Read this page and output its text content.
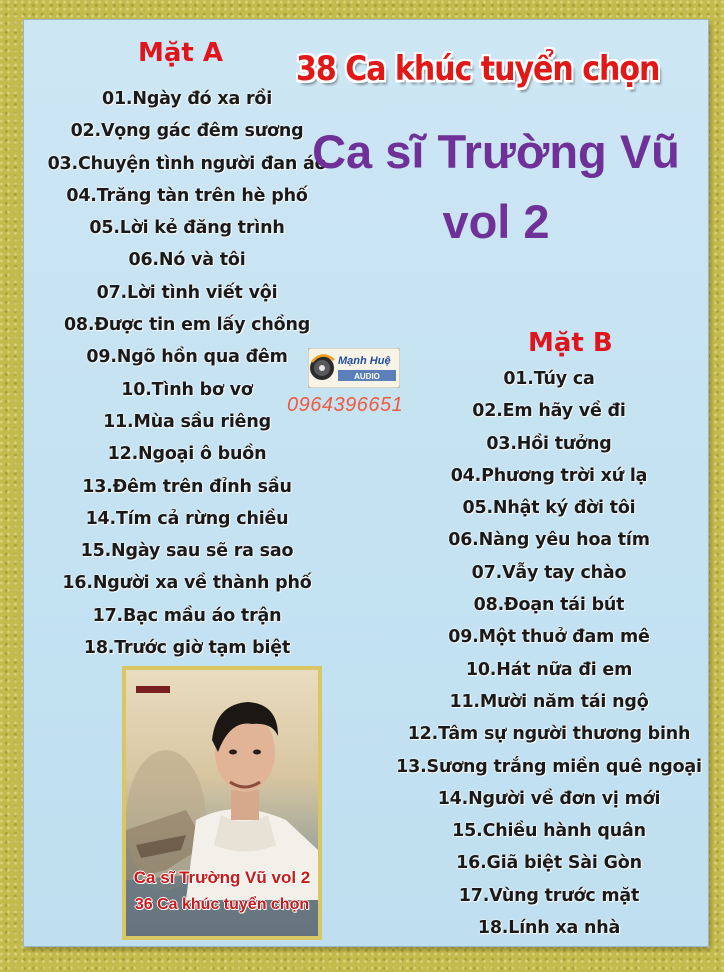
Mặt A
01.Ngày đó xa rồi
02.Vọng gác đêm sương
03.Chuyện tình người đan áo
04.Trăng tàn trên hè phố
05.Lời kẻ đăng trình
06.Nó và tôi
07.Lời tình viết vội
08.Được tin em lấy chồng
09.Ngõ hồn qua đêm
10.Tình bơ vơ
11.Mùa sầu riêng
12.Ngoại ô buồn
13.Đêm trên đỉnh sầu
14.Tím cả rừng chiều
15.Ngày sau sẽ ra sao
16.Người xa về thành phố
17.Bạc mầu áo trận
18.Trước giờ tạm biệt

38 Ca khúc tuyển chọn

Ca sĩ Trường Vũ

vol 2

Mạnh Huệ
AUDIO

0964396651

Mặt B
01.Túy ca
02.Em hãy về đi
03.Hồi tưởng
04.Phương trời xứ lạ
05.Nhật ký đời tôi
06.Nàng yêu hoa tím
07.Vẫy tay chào
08.Đoạn tái bút
09.Một thuở đam mê
10.Hát nữa đi em
11.Mười năm tái ngộ
12.Tâm sự người thương binh
13.Sương trắng miền quê ngoại
14.Người về đơn vị mới
15.Chiều hành quân
16.Giã biệt Sài Gòn
17.Vùng trước mặt
18.Lính xa nhà

Ca sĩ Trường Vũ vol 2

36 Ca khúc tuyển chọn
